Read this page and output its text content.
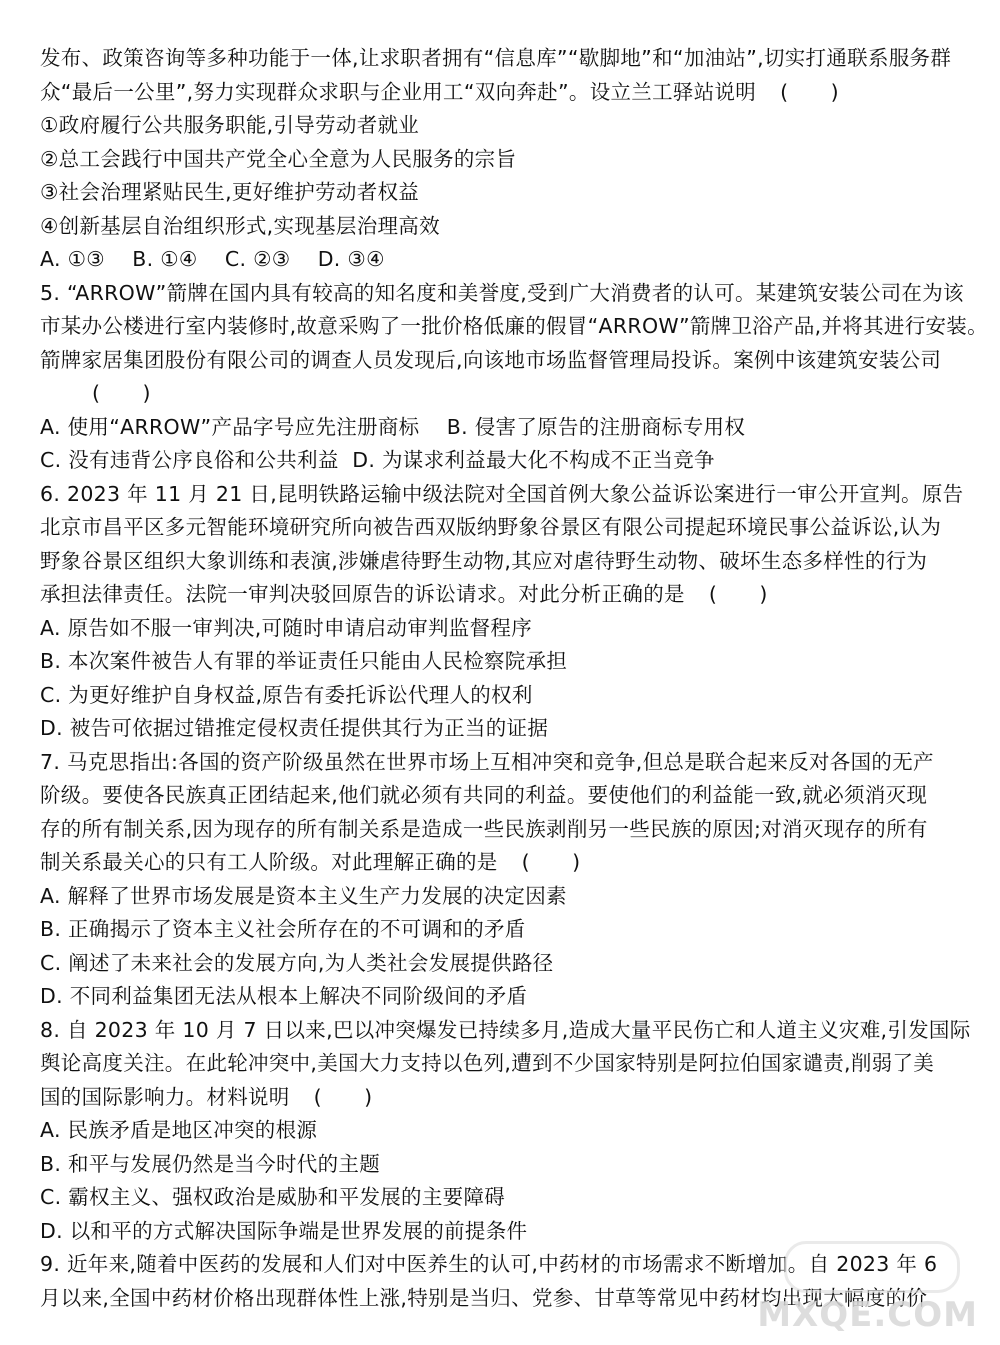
发布、政策咨询等多种功能于一体,让求职者拥有“信息库”“歇脚地”和“加油站”,切实打通联系服务群
众“最后一公里”,努力实现群众求职与企业用工“双向奔赴”。设立兰工驿站说明 ( )
①政府履行公共服务职能,引导劳动者就业
②总工会践行中国共产党全心全意为人民服务的宗旨
③社会治理紧贴民生,更好维护劳动者权益
④创新基层自治组织形式,实现基层治理高效
A. ①③    B. ①④    C. ②③    D. ③④
5. “ARROW”箭牌在国内具有较高的知名度和美誉度,受到广大消费者的认可。某建筑安装公司在为该
市某办公楼进行室内装修时,故意采购了一批价格低廉的假冒“ARROW”箭牌卫浴产品,并将其进行安装。
箭牌家居集团股份有限公司的调查人员发现后,向该地市场监督管理局投诉。案例中该建筑安装公司
( )
A. 使用“ARROW”产品字号应先注册商标    B. 侵害了原告的注册商标专用权
C. 没有违背公序良俗和公共利益  D. 为谋求利益最大化不构成不正当竞争
6. 2023 年 11 月 21 日,昆明铁路运输中级法院对全国首例大象公益诉讼案进行一审公开宣判。原告
北京市昌平区多元智能环境研究所向被告西双版纳野象谷景区有限公司提起环境民事公益诉讼,认为
野象谷景区组织大象训练和表演,涉嫌虐待野生动物,其应对虐待野生动物、破坏生态多样性的行为
承担法律责任。法院一审判决驳回原告的诉讼请求。对此分析正确的是 ( )
A. 原告如不服一审判决,可随时申请启动审判监督程序
B. 本次案件被告人有罪的举证责任只能由人民检察院承担
C. 为更好维护自身权益,原告有委托诉讼代理人的权利
D. 被告可依据过错推定侵权责任提供其行为正当的证据
7. 马克思指出:各国的资产阶级虽然在世界市场上互相冲突和竞争,但总是联合起来反对各国的无产
阶级。要使各民族真正团结起来,他们就必须有共同的利益。要使他们的利益能一致,就必须消灭现
存的所有制关系,因为现存的所有制关系是造成一些民族剥削另一些民族的原因;对消灭现存的所有
制关系最关心的只有工人阶级。对此理解正确的是 ( )
A. 解释了世界市场发展是资本主义生产力发展的决定因素
B. 正确揭示了资本主义社会所存在的不可调和的矛盾
C. 阐述了未来社会的发展方向,为人类社会发展提供路径
D. 不同利益集团无法从根本上解决不同阶级间的矛盾
8. 自 2023 年 10 月 7 日以来,巴以冲突爆发已持续多月,造成大量平民伤亡和人道主义灾难,引发国际
舆论高度关注。在此轮冲突中,美国大力支持以色列,遭到不少国家特别是阿拉伯国家谴责,削弱了美
国的国际影响力。材料说明 ( )
A. 民族矛盾是地区冲突的根源
B. 和平与发展仍然是当今时代的主题
C. 霸权主义、强权政治是威胁和平发展的主要障碍
D. 以和平的方式解决国际争端是世界发展的前提条件
9. 近年来,随着中医药的发展和人们对中医养生的认可,中药材的市场需求不断增加。自 2023 年 6
月以来,全国中药材价格出现群体性上涨,特别是当归、党参、甘草等常见中药材均出现大幅度的价
MXQE.COM
